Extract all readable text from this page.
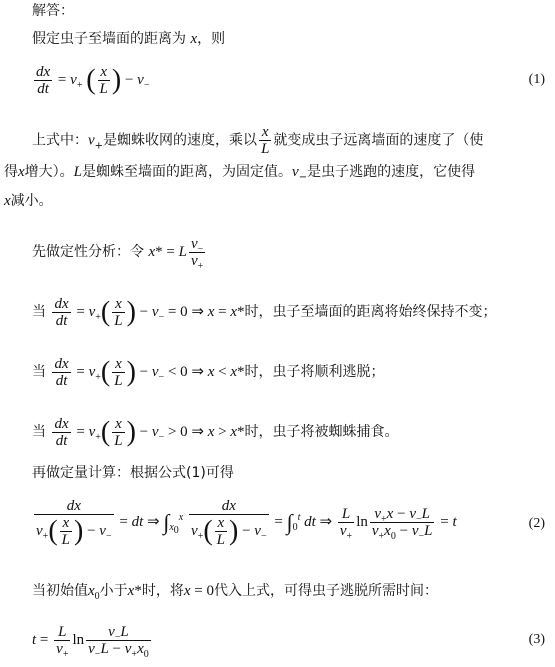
解答：
假定虫子至墙面的距离为 x，则
$\frac{dx}{dt} = v_+$ ( $\frac{x}{L}$ ) − $v_-$	(1)
上式中：$v_+$是蜘蛛收网的速度，乘以 $\frac{x}{L}$ 就变成虫子远离墙面的速度了（使
得x增大）。L是蜘蛛至墙面的距离，为固定值。$v_-$是虫子逃跑的速度，它使得
x减小。
先做定性分析：令 x* = L $\frac{v_-}{v_+}$
当 $\frac{dx}{dt} = v_+( \frac{x}{L}$ ) − $v_- = 0$ ⇒ x = x*时，虫子至墙面的距离将始终保持不变；
当 $\frac{dx}{dt} = v_+( \frac{x}{L}$ ) − $v_- < 0$ ⇒ x < x*时，虫子将顺利逃脱；
当 $\frac{dx}{dt} = v_+( \frac{x}{L}$ ) − $v_- > 0$ ⇒ x > x*时，虫子将被蜘蛛捕食。
再做定量计算：根据公式(1)可得
$\frac{dx}{v_+( \frac{x}{L} ) - v_-}$ = dt ⇒ $\int_{x_0}^x \frac{dx}{v_+( \frac{x}{L} ) - v_-} = \int_0^t$ dt ⇒ $\frac{L}{v_+}$ $\ln \frac{v_+x - v_-L}{v_+x_0 - v_-L} = t$	(2)
当初始值$x_0$小于x*时，将x = 0代入上式，可得虫子逃脱所需时间：
$t = \frac{L}{v_+}$ $\ln \frac{v_-L}{v_-L - v_+x_0}$	(3)
